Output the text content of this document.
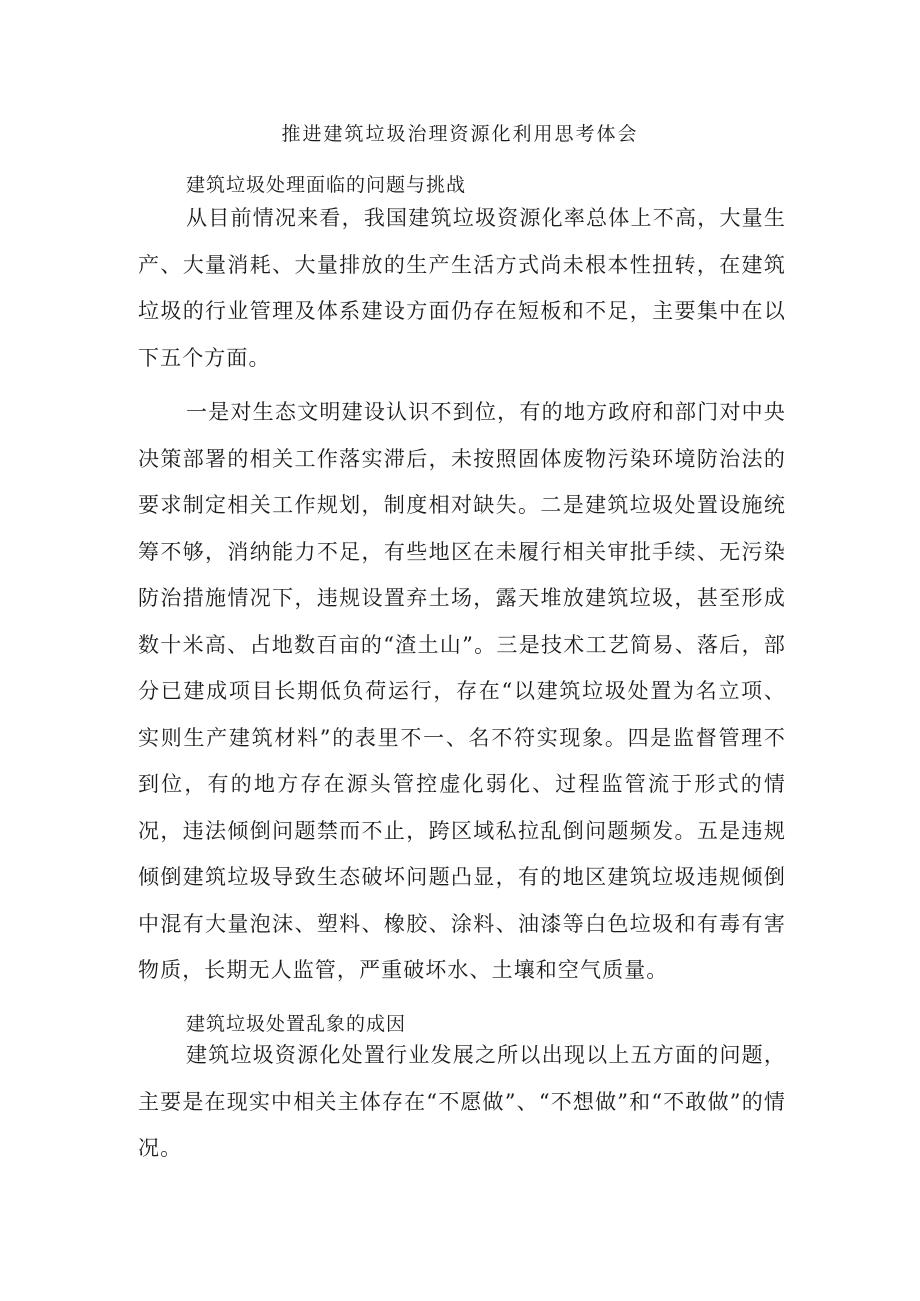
推进建筑垃圾治理资源化利用思考体会
建筑垃圾处理面临的问题与挑战

从目前情况来看，我国建筑垃圾资源化率总体上不高，大量生产、大量消耗、大量排放的生产生活方式尚未根本性扭转，在建筑垃圾的行业管理及体系建设方面仍存在短板和不足，主要集中在以下五个方面。

一是对生态文明建设认识不到位，有的地方政府和部门对中央决策部署的相关工作落实滞后，未按照固体废物污染环境防治法的要求制定相关工作规划，制度相对缺失。二是建筑垃圾处置设施统筹不够，消纳能力不足，有些地区在未履行相关审批手续、无污染防治措施情况下，违规设置弃土场，露天堆放建筑垃圾，甚至形成数十米高、占地数百亩的“渣土山”。三是技术工艺简易、落后，部分已建成项目长期低负荷运行，存在“以建筑垃圾处置为名立项、实则生产建筑材料”的表里不一、名不符实现象。四是监督管理不到位，有的地方存在源头管控虚化弱化、过程监管流于形式的情况，违法倾倒问题禁而不止，跨区域私拉乱倒问题频发。五是违规倾倒建筑垃圾导致生态破坏问题凸显，有的地区建筑垃圾违规倾倒中混有大量泡沫、塑料、橡胶、涂料、油漆等白色垃圾和有毒有害物质，长期无人监管，严重破坏水、土壤和空气质量。

建筑垃圾处置乱象的成因

建筑垃圾资源化处置行业发展之所以出现以上五方面的问题，主要是在现实中相关主体存在“不愿做”、“不想做”和“不敢做”的情况。
